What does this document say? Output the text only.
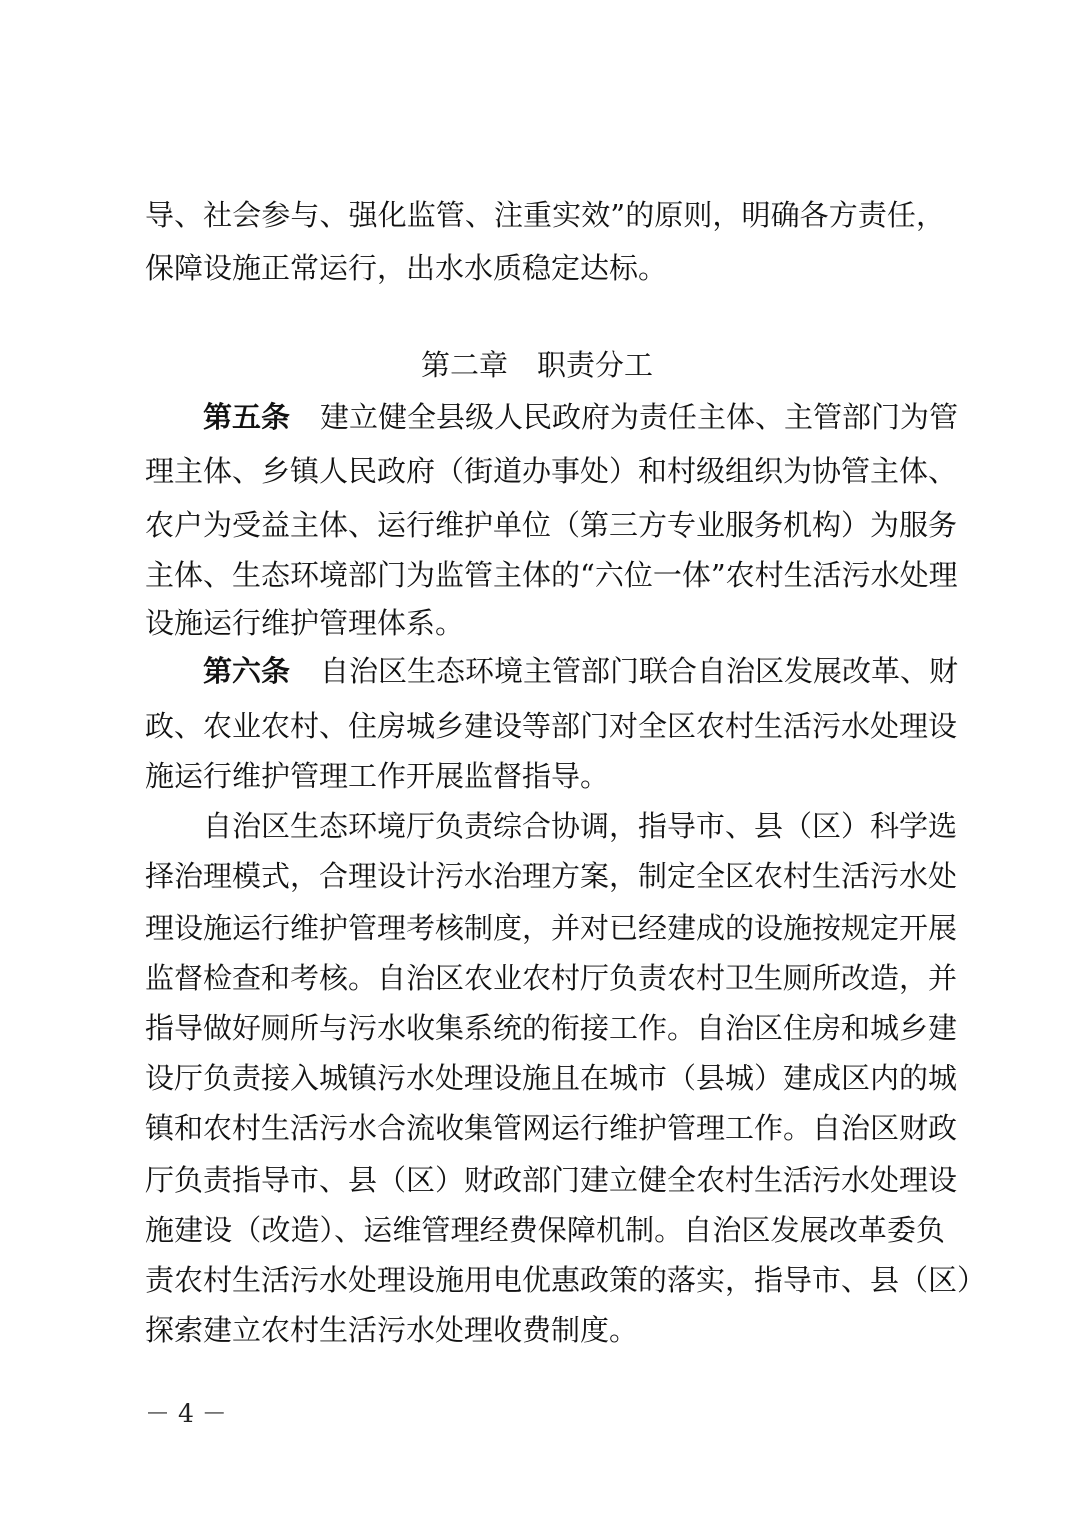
导、社会参与、强化监管、注重实效”的原则，明确各方责任，
保障设施正常运行，出水水质稳定达标。
第二章　职责分工
第五条 建立健全县级人民政府为责任主体、主管部门为管
理主体、乡镇人民政府（街道办事处）和村级组织为协管主体、
农户为受益主体、运行维护单位（第三方专业服务机构）为服务
主体、生态环境部门为监管主体的“六位一体”农村生活污水处理
设施运行维护管理体系。
第六条 自治区生态环境主管部门联合自治区发展改革、财
政、农业农村、住房城乡建设等部门对全区农村生活污水处理设
施运行维护管理工作开展监督指导。
自治区生态环境厅负责综合协调，指导市、县（区）科学选
择治理模式，合理设计污水治理方案，制定全区农村生活污水处
理设施运行维护管理考核制度，并对已经建成的设施按规定开展
监督检查和考核。自治区农业农村厅负责农村卫生厕所改造，并
指导做好厕所与污水收集系统的衔接工作。自治区住房和城乡建
设厅负责接入城镇污水处理设施且在城市（县城）建成区内的城
镇和农村生活污水合流收集管网运行维护管理工作。自治区财政
厅负责指导市、县（区）财政部门建立健全农村生活污水处理设
施建设（改造）、运维管理经费保障机制。自治区发展改革委负
责农村生活污水处理设施用电优惠政策的落实，指导市、县（区）
探索建立农村生活污水处理收费制度。
－ 4 －
